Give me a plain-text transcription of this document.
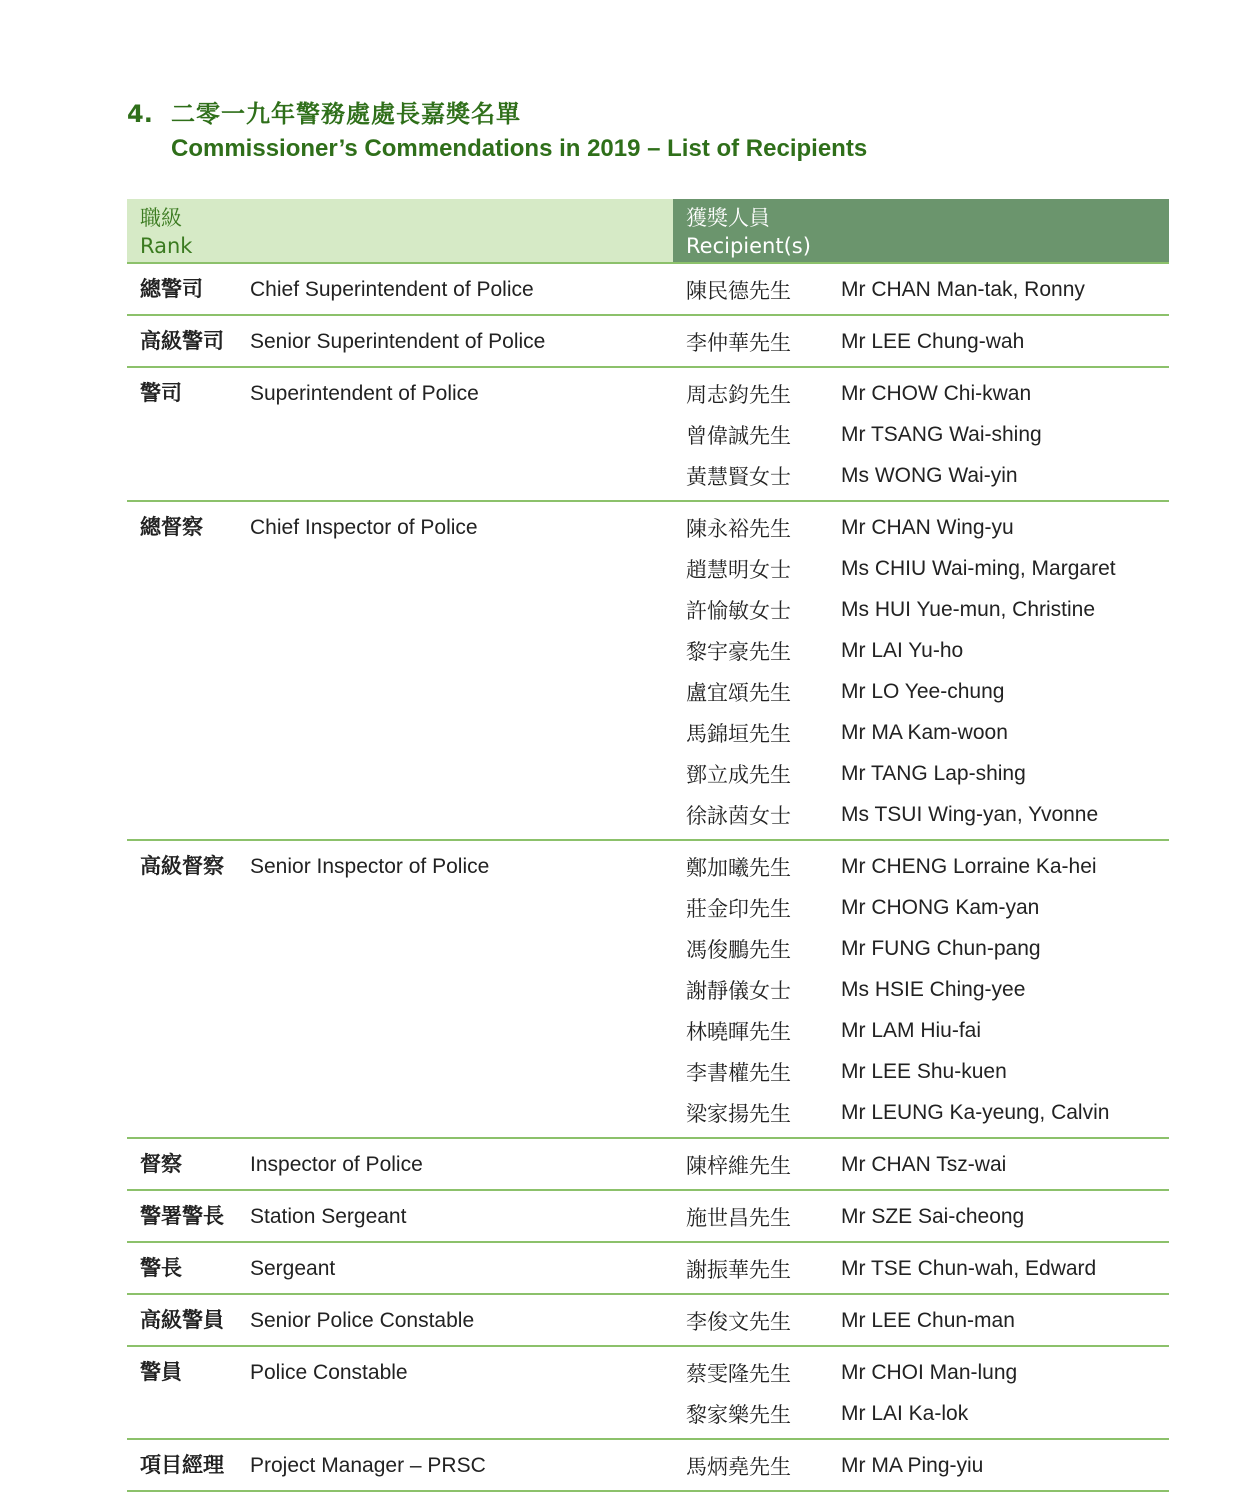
4. 二零一九年警務處處長嘉獎名單
Commissioner’s Commendations in 2019 – List of Recipients
職級
Rank
獲獎人員
Recipient(s)
總警司	Chief Superintendent of Police	陳民德先生	Mr CHAN Man-tak, Ronny
高級警司	Senior Superintendent of Police	李仲華先生	Mr LEE Chung-wah
警司	Superintendent of Police	周志鈞先生	Mr CHOW Chi-kwan
曾偉誠先生	Mr TSANG Wai-shing
黃慧賢女士	Ms WONG Wai-yin
總督察	Chief Inspector of Police	陳永裕先生	Mr CHAN Wing-yu
趙慧明女士	Ms CHIU Wai-ming, Margaret
許愉敏女士	Ms HUI Yue-mun, Christine
黎宇豪先生	Mr LAI Yu-ho
盧宜頌先生	Mr LO Yee-chung
馬錦垣先生	Mr MA Kam-woon
鄧立成先生	Mr TANG Lap-shing
徐詠茵女士	Ms TSUI Wing-yan, Yvonne
高級督察	Senior Inspector of Police	鄭加曦先生	Mr CHENG Lorraine Ka-hei
莊金印先生	Mr CHONG Kam-yan
馮俊鵬先生	Mr FUNG Chun-pang
謝靜儀女士	Ms HSIE Ching-yee
林曉暉先生	Mr LAM Hiu-fai
李書權先生	Mr LEE Shu-kuen
梁家揚先生	Mr LEUNG Ka-yeung, Calvin
督察	Inspector of Police	陳梓維先生	Mr CHAN Tsz-wai
警署警長	Station Sergeant	施世昌先生	Mr SZE Sai-cheong
警長	Sergeant	謝振華先生	Mr TSE Chun-wah, Edward
高級警員	Senior Police Constable	李俊文先生	Mr LEE Chun-man
警員	Police Constable	蔡雯隆先生	Mr CHOI Man-lung
黎家樂先生	Mr LAI Ka-lok
項目經理	Project Manager – PRSC	馬炳堯先生	Mr MA Ping-yiu
